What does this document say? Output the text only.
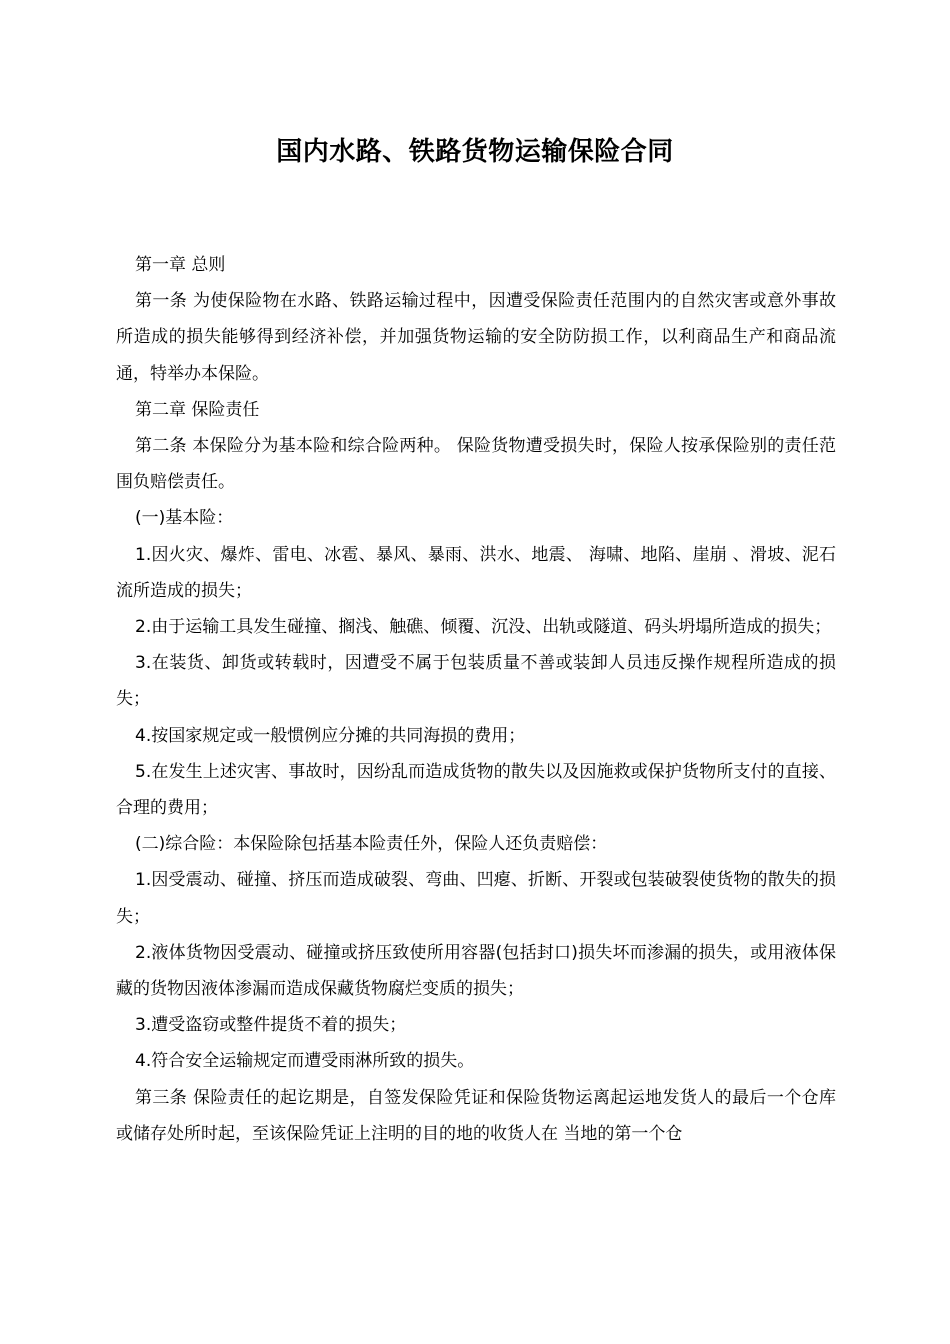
国内水路、铁路货物运输保险合同

第一章 总则

第一条 为使保险物在水路、铁路运输过程中，因遭受保险责任范围内的自然灾害或意外事故所造成的损失能够得到经济补偿，并加强货物运输的安全防防损工作，以利商品生产和商品流通，特举办本保险。

第二章 保险责任

第二条 本保险分为基本险和综合险两种。 保险货物遭受损失时，保险人按承保险别的责任范围负赔偿责任。

(一)基本险：

1.因火灾、爆炸、雷电、冰雹、暴风、暴雨、洪水、地震、 海啸、地陷、崖崩 、滑坡、泥石流所造成的损失；

2.由于运输工具发生碰撞、搁浅、触礁、倾覆、沉没、出轨或隧道、码头坍塌所造成的损失；

3.在装货、卸货或转载时，因遭受不属于包装质量不善或装卸人员违反操作规程所造成的损失；

4.按国家规定或一般惯例应分摊的共同海损的费用；

5.在发生上述灾害、事故时，因纷乱而造成货物的散失以及因施救或保护货物所支付的直接、合理的费用；

(二)综合险：本保险除包括基本险责任外，保险人还负责赔偿：

1.因受震动、碰撞、挤压而造成破裂、弯曲、凹瘪、折断、开裂或包装破裂使货物的散失的损失；

2.液体货物因受震动、碰撞或挤压致使所用容器(包括封口)损失坏而渗漏的损失，或用液体保藏的货物因液体渗漏而造成保藏货物腐烂变质的损失；

3.遭受盗窃或整件提货不着的损失；

4.符合安全运输规定而遭受雨淋所致的损失。

第三条 保险责任的起讫期是，自签发保险凭证和保险货物运离起运地发货人的最后一个仓库或储存处所时起，至该保险凭证上注明的目的地的收货人在 当地的第一个仓
